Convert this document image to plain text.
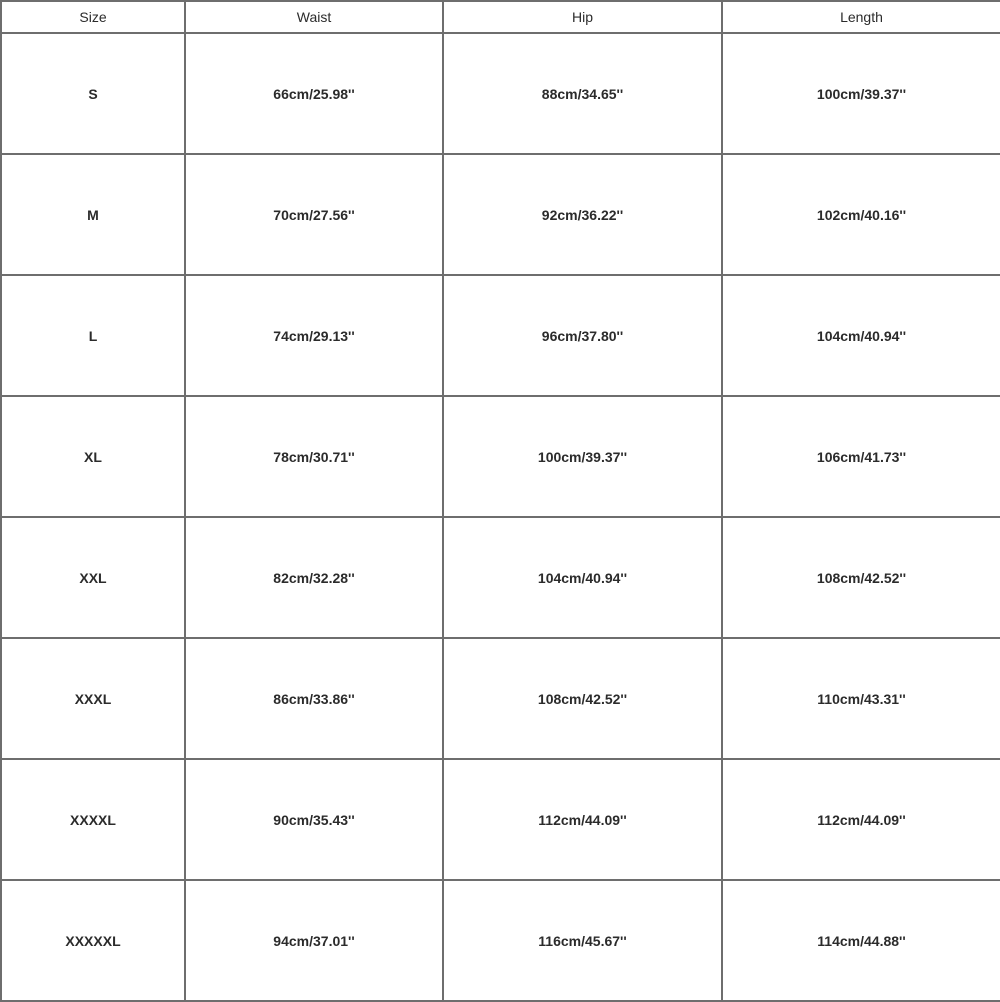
Size	Waist	Hip	Length
S	66cm/25.98''	88cm/34.65''	100cm/39.37''
M	70cm/27.56''	92cm/36.22''	102cm/40.16''
L	74cm/29.13''	96cm/37.80''	104cm/40.94''
XL	78cm/30.71''	100cm/39.37''	106cm/41.73''
XXL	82cm/32.28''	104cm/40.94''	108cm/42.52''
XXXL	86cm/33.86''	108cm/42.52''	110cm/43.31''
XXXXL	90cm/35.43''	112cm/44.09''	112cm/44.09''
XXXXXL	94cm/37.01''	116cm/45.67''	114cm/44.88''
